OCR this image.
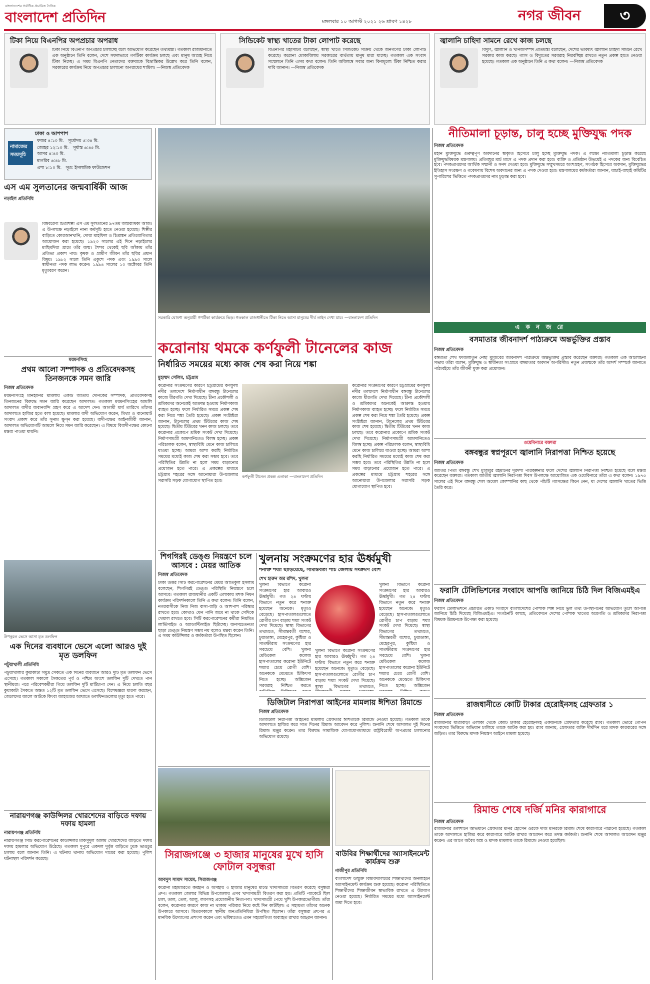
বাংলাদেশের সর্বাধিক প্রচারিত দৈনিক
বাংলাদেশ প্রতিদিন	মঙ্গলবার ১০ আগস্ট ২০২১ ২৬ শ্রাবণ ১৪২৮	নগর জীবন	৩
টিকা নিয়ে বিএনপির অপপ্রচার অপরাধ
টিকা নিয়ে বিএনপি অপপ্রচার চালাচ্ছে বলে অভিযোগ করেছেন তথ্যমন্ত্রী। গতকাল রাজধানীতে এক অনুষ্ঠানে তিনি বলেন, দেশে সফলভাবে গণটিকা কার্যক্রম চলছে এবং মানুষ আগ্রহ নিয়ে টিকা নিচ্ছে। এ সময় বিএনপি নেতাদের বক্তব্যকে বিভ্রান্তিকর উল্লেখ করে তিনি বলেন, সরকারের কার্যক্রম নিয়ে অপপ্রচার চালানো অপরাধের শামিল। —নিজস্ব প্রতিবেদক
সিন্ডিকেট স্বাস্থ্য খাতের টাকা লোপাট করেছে
বিএনপির মহাসচিব বলেছেন, স্বাস্থ্য খাতে সিন্ডিকেট সক্রিয় থেকে জনগণের টাকা লোপাট করেছে। করোনা মোকাবিলায় সরকারের ব্যর্থতায় মানুষ মারা যাচ্ছে। গতকাল এক সংবাদ সম্মেলনে তিনি এসব কথা বলেন। তিনি অবিলম্বে সবার জন্য বিনামূল্যে টিকা নিশ্চিত করার দাবি জানান। —নিজস্ব প্রতিবেদক
জ্বালানি চাহিদা সামনে রেখে কাজ চলছে
বিদ্যুৎ, জ্বালানি ও খনিজসম্পদ প্রতিমন্ত্রী বলেছেন, দেশের ভবিষ্যৎ জ্বালানি চাহিদা সামনে রেখে সরকার কাজ করছে। গ্যাস ও বিদ্যুতের সরবরাহ নিরবচ্ছিন্ন রাখতে নতুন প্রকল্প হাতে নেওয়া হয়েছে। গতকাল এক অনুষ্ঠানে তিনি এ কথা বলেন। —নিজস্ব প্রতিবেদক
ঢাকা ও আশপাশ
নামাজের
সময়সূচি
ফজর ৪:১০ মি. সূর্যোদয় ৫:৩৪ মি.
জোহর ১২:১০ মি. সূর্যাস্ত ৬:৪৫ মি.
আসর ৪:৪০ মি.
মাগরিব ৬:৪৮ মি.
এশা ৮:১০ মি. সূত্র: ইসলামিক ফাউন্ডেশন
এস এম সুলতানের জন্মবার্ষিকী আজ
নড়াইল প্রতিনিধি
বিশ্ববরেণ্য চিত্রশিল্পী এস এম সুলতানের ৯৭তম জন্মবার্ষিকী আজ। এ উপলক্ষে নড়াইলে নানা কর্মসূচি হাতে নেওয়া হয়েছে। শিল্পীর বাড়িতে কোরআনখানি, দোয়া মাহফিল ও চিত্রাঙ্কন প্রতিযোগিতার আয়োজন করা হয়েছে। ১৯২৩ সালের এই দিনে নড়াইলের মাছিমদিয়া গ্রামে তাঁর জন্ম। শৈশব থেকেই ছবি আঁকায় তাঁর প্রতিভা প্রকাশ পায়। কৃষক ও গ্রামীণ জীবন তাঁর ছবির প্রধান বিষয়। ১৯৮২ সালে তিনি একুশে পদক এবং ১৯৯৩ সালে স্বাধীনতা পদক লাভ করেন। ১৯৯৪ সালের ১০ অক্টোবর তিনি মৃত্যুবরণ করেন।
ময়মনসিংহ
প্রথম আলো সম্পাদক ও প্রতিবেদকসহ তিনজনকে সমন জারি
নিজস্ব প্রতিবেদক
ময়মনসিংহে মানহানির মামলায় একটি জাতীয় দৈনিকের সম্পাদক, প্রতিবেদকসহ তিনজনের বিরুদ্ধে সমন জারি করেছেন আদালত। গতকাল ময়মনসিংহের আমলি আদালত বাদীর জবানবন্দি গ্রহণ করে এ আদেশ দেন। আগামী ধার্য তারিখে তাঁদের আদালতে হাজির হতে বলা হয়েছে। মামলার বাদী অভিযোগ করেন, মিথ্যা ও বানোয়াট সংবাদ প্রকাশ করে তাঁর সুনাম ক্ষুণ্ন করা হয়েছে। বাদীপক্ষের আইনজীবী জানান, আদালত অভিযোগটি আমলে নিয়ে সমন জারি করেছেন। এ বিষয়ে বিবাদীপক্ষের কোনো মন্তব্য পাওয়া যায়নি।
উপকূলে ভেসে আসা মৃত ডলফিন
এক দিনের ব্যবধানে ভেসে এলো আরও দুই মৃত ডলফিন
পটুয়াখালী প্রতিনিধি
পটুয়াখালীর কুয়াকাটা সমুদ্র সৈকতে এক দিনের ব্যবধানে আরও দুটি মৃত ডলফিন ভেসে এসেছে। গতকাল সকালে সৈকতের পূর্ব ও পশ্চিম অংশে ডলফিন দুটি দেখতে পান স্থানীয়রা। পরে পরিবেশকর্মীরা গিয়ে ডলফিন দুটি মাটিচাপা দেন। এ নিয়ে চলতি বছর কুয়াকাটা সৈকতে অন্তত ১২টি মৃত ডলফিন ভেসে এসেছে। বিশেষজ্ঞরা ধারণা করছেন, জেলেদের জালে আটকে কিংবা জাহাজের আঘাতে ডলফিনগুলোর মৃত্যু হতে পারে।
নারায়ণগঞ্জ কাউন্সিলর খোরশেদের বাড়িতে দফায় দফায় হামলা
নারায়ণগঞ্জ প্রতিনিধি
নারায়ণগঞ্জ সিটি করপোরেশনের কাউন্সিলর মাকসুদুল আলম খোরশেদের বাড়িতে দফায় দফায় হামলার অভিযোগ উঠেছে। গতকাল দুপুরে একদল দুর্বৃত্ত বাড়িতে ঢুকে ভাঙচুর চালায় বলে জানান তিনি। এ ঘটনায় থানায় অভিযোগ দায়ের করা হয়েছে। পুলিশ ঘটনাস্থল পরিদর্শন করেছে।
সরকারি ঘোষণা অনুযায়ী গণটিকা কার্যক্রমে ভিড়। গতকাল রাজধানীতে টিকা নিতে আসা মানুষের দীর্ঘ লাইন দেখা যায়। —বাংলাদেশ প্রতিদিন
নীতিমালা চূড়ান্ত, চালু হচ্ছে মুক্তিযুদ্ধ পদক
নিজস্ব প্রতিবেদক
মহান মুক্তিযুদ্ধে গুরুত্বপূর্ণ অবদানের স্বীকৃতি হিসেবে চালু হচ্ছে মুক্তিযুদ্ধ পদক। এ লক্ষ্যে নীতিমালা চূড়ান্ত করেছে মুক্তিযুদ্ধবিষয়ক মন্ত্রণালয়। প্রতিবছর মার্চ মাসে এ পদক প্রদান করা হবে। ব্যক্তি ও প্রতিষ্ঠান উভয়েই এ পদকের জন্য বিবেচিত হবে। পদকপ্রাপ্তদের আর্থিক সম্মানী ও সনদ দেওয়া হবে। মুক্তিযুদ্ধে সম্মুখসমরে অংশগ্রহণ, সংগঠক হিসেবে অবদান, মুক্তিযুদ্ধের ইতিহাস সংরক্ষণ ও গবেষণায় বিশেষ অবদানের জন্য এ পদক দেওয়া হবে। মন্ত্রণালয়ের কর্মকর্তারা জানান, যাচাই-বাছাই কমিটির সুপারিশের ভিত্তিতে পদকপ্রাপ্তদের নাম চূড়ান্ত করা হবে।
এ ক ন জ রে
বসমাতার জীবনাদর্শ পাঠ্যক্রমে অন্তর্ভুক্তির প্রস্তাব
নিজস্ব প্রতিবেদক
বঙ্গমাতা শেখ ফজিলাতুন নেছা মুজিবের জীবনাদর্শ পাঠ্যক্রমে অন্তর্ভুক্তির প্রস্তাব করেছেন বক্তারা। গতকাল এক আলোচনা সভায় তাঁরা বলেন, মুক্তিযুদ্ধ ও স্বাধীনতা সংগ্রামে বঙ্গমাতার অবদান অপরিসীম। নতুন প্রজন্মকে তাঁর আদর্শ সম্পর্কে জানাতে পাঠ্যবইয়ে তাঁর জীবনী যুক্ত করা প্রয়োজন।
ওয়েবিনারে বক্তারা
বঙ্গবন্ধুর স্বপ্নপূরণে জ্বালানি নিরাপত্তা নিশ্চিত হয়েছে
নিজস্ব প্রতিবেদক
জাতির পিতা বঙ্গবন্ধু শেখ মুজিবুর রহমানের দূরদর্শী পরিকল্পনার ফলে দেশের জ্বালানি নিরাপত্তা নিশ্চিত হয়েছে বলে মন্তব্য করেছেন বক্তারা। গতকাল জাতীয় জ্বালানি নিরাপত্তা দিবস উপলক্ষে আয়োজিত এক ওয়েবিনারে তাঁরা এ কথা বলেন। ১৯৭৫ সালের এই দিনে বঙ্গবন্ধু শেল অয়েল কোম্পানির কাছ থেকে পাঁচটি গ্যাসক্ষেত্র কিনে নেন, যা দেশের জ্বালানি খাতের ভিত্তি তৈরি করে।
ফরাসি টেলিভিশনের সংবাদে আপত্তি জানিয়ে চিঠি দিল বিজিএমইএ
নিজস্ব প্রতিবেদক
ফরাসি টেলিভিশনে প্রচারিত একটি সংবাদে বাংলাদেশের পোশাক শিল্প নিয়ে ভুল তথ্য উপস্থাপনের অভিযোগ তুলে আপত্তি জানিয়ে চিঠি দিয়েছে বিজিএমইএ। সংগঠনটি বলছে, প্রতিবেদনে দেশের পোশাক খাতের অগ্রগতি ও শ্রমিকদের নিরাপত্তা বিষয়ক উন্নয়নকে উপেক্ষা করা হয়েছে।
রাজধানীতে কোটি টাকার হেরোইনসহ গ্রেফতার ১
নিজস্ব প্রতিবেদক
রাজধানীর যাত্রাবাড়ী এলাকা থেকে কোটি টাকার হেরোইনসহ একজনকে গ্রেফতার করেছে র‌্যাব। গতকাল ভোরে গোপন সংবাদের ভিত্তিতে অভিযান চালিয়ে তাকে আটক করা হয়। র‌্যাব জানায়, গ্রেফতার ব্যক্তি দীর্ঘদিন ধরে মাদক কারবারের সঙ্গে জড়িত। তার বিরুদ্ধে মাদক নিয়ন্ত্রণ আইনে মামলা হয়েছে।
রিমান্ড শেষে দর্জি মনির কারাগারে
নিজস্ব প্রতিবেদক
রাজধানীর গুলশানে অভিযানে গ্রেফতার মনির হোসেন ওরফে দর্জি মনিরকে রিমান্ড শেষে কারাগারে পাঠানো হয়েছে। গতকাল তাকে আদালতে হাজির করে কারাগারে আটক রাখার আবেদন করে তদন্ত কর্মকর্তা। শুনানি শেষে আদালত আবেদন মঞ্জুর করেন। এর আগে অবৈধ অস্ত্র ও মাদক মামলায় তাকে রিমান্ডে নেওয়া হয়েছিল।
করোনায় থমকে কর্ণফুলী টানেলের কাজ
নির্ধারিত সময়ের মধ্যে কাজ শেষ করা নিয়ে শঙ্কা
মুহাম্মদ সেলিম, চট্টগ্রাম
করোনার সংক্রমণের কারণে চট্টগ্রামের কর্ণফুলী নদীর তলদেশে নির্মাণাধীন বঙ্গবন্ধু টানেলের কাজে ধীরগতি দেখা দিয়েছে। চীনা প্রকৌশলী ও শ্রমিকদের অনেকেই আক্রান্ত হওয়ায় নির্মাণকাজ ব্যাহত হচ্ছে। ফলে নির্ধারিত সময়ে প্রকল্প শেষ করা নিয়ে শঙ্কা তৈরি হয়েছে। প্রকল্প সংশ্লিষ্টরা জানান, টানেলের প্রথম টিউবের কাজ শেষ হয়েছে। দ্বিতীয় টিউবের খনন কাজ চলছে। তবে করোনার প্রকোপে শ্রমিক সংকট দেখা দিয়েছে। নির্মাণসামগ্রী আমদানিতেও বিলম্ব হচ্ছে। প্রকল্প পরিচালক বলেন, স্বাস্থ্যবিধি মেনে কাজ চালিয়ে যাওয়া হচ্ছে। আমরা আশা করছি নির্ধারিত সময়ের মধ্যেই কাজ শেষ করা সম্ভব হবে। তবে পরিস্থিতির উন্নতি না হলে সময় বাড়ানোর প্রয়োজন হতে পারে। এ প্রকল্পের মাধ্যমে চট্টগ্রাম শহরের সঙ্গে আনোয়ারা উপজেলার সরাসরি সড়ক যোগাযোগ স্থাপিত হবে।
কর্ণফুলী টানেল প্রকল্প এলাকা —বাংলাদেশ প্রতিদিন
করোনার সংক্রমণের কারণে চট্টগ্রামের কর্ণফুলী নদীর তলদেশে নির্মাণাধীন বঙ্গবন্ধু টানেলের কাজে ধীরগতি দেখা দিয়েছে। চীনা প্রকৌশলী ও শ্রমিকদের অনেকেই আক্রান্ত হওয়ায় নির্মাণকাজ ব্যাহত হচ্ছে। ফলে নির্ধারিত সময়ে প্রকল্প শেষ করা নিয়ে শঙ্কা তৈরি হয়েছে। প্রকল্প সংশ্লিষ্টরা জানান, টানেলের প্রথম টিউবের কাজ শেষ হয়েছে। দ্বিতীয় টিউবের খনন কাজ চলছে। তবে করোনার প্রকোপে শ্রমিক সংকট দেখা দিয়েছে। নির্মাণসামগ্রী আমদানিতেও বিলম্ব হচ্ছে। প্রকল্প পরিচালক বলেন, স্বাস্থ্যবিধি মেনে কাজ চালিয়ে যাওয়া হচ্ছে। আমরা আশা করছি নির্ধারিত সময়ের মধ্যেই কাজ শেষ করা সম্ভব হবে। তবে পরিস্থিতির উন্নতি না হলে সময় বাড়ানোর প্রয়োজন হতে পারে। এ প্রকল্পের মাধ্যমে চট্টগ্রাম শহরের সঙ্গে আনোয়ারা উপজেলার সরাসরি সড়ক যোগাযোগ স্থাপিত হবে।
শিগগিরই ডেঙ্গু নিয়ন্ত্রণে চলে আসবে : মেয়র আতিক
নিজস্ব প্রতিবেদক
ঢাকা উত্তর সিটি করপোরেশনের মেয়র আতিকুল ইসলাম বলেছেন, শিগগিরই ডেঙ্গু পরিস্থিতি নিয়ন্ত্রণে চলে আসবে। গতকাল রাজধানীর একটি এলাকায় মশক নিধন কার্যক্রম পরিদর্শনকালে তিনি এ কথা বলেন। তিনি বলেন, নগরবাসীকে নিজ নিজ বাসা-বাড়ি ও আশপাশ পরিষ্কার রাখতে হবে। কোথাও যেন পানি জমে না থাকে সেদিকে খেয়াল রাখতে হবে। সিটি করপোরেশনের কর্মীরা নিয়মিত লার্ভিসাইড ও অ্যাডাল্টিসাইড ছিটাচ্ছে। জনসচেতনতা ছাড়া ডেঙ্গু নিয়ন্ত্রণ সম্ভব নয় বলেও মন্তব্য করেন তিনি। এ সময় কাউন্সিলর ও কর্মকর্তারা উপস্থিত ছিলেন।
খুলনায় সংক্রমণের হার ঊর্ধ্বমুখী
শনাক্ত শয্যা ছাড়িয়েছে, সীমান্তবর্তী পাঁচ জেলায় সংক্রমণ বেশি
শেখ হারুন অর রশিদ, খুলনা
খুলনা বিভাগে করোনা সংক্রমণের হার আবারও ঊর্ধ্বমুখী। গত ২৪ ঘণ্টায় বিভাগে নতুন করে শনাক্ত হয়েছেন অনেকে। মৃত্যুও বেড়েছে। হাসপাতালগুলোতে রোগীর চাপ বাড়ায় শয্যা সংকট দেখা দিয়েছে। স্বাস্থ্য বিভাগের তথ্যমতে, সীমান্তবর্তী যশোর, চুয়াডাঙ্গা, মেহেরপুর, কুষ্টিয়া ও সাতক্ষীরায় সংক্রমণের হার সবচেয়ে বেশি। খুলনা মেডিকেল কলেজ হাসপাতালের করোনা ইউনিটে শয্যার চেয়ে রোগী বেশি। অনেককে মেঝেতে চিকিৎসা নিতে হচ্ছে। অক্সিজেন সরবরাহ নিশ্চিত করতে
খুলনা বিভাগে করোনা সংক্রমণের হার আবারও ঊর্ধ্বমুখী। গত ২৪ ঘণ্টায় বিভাগে নতুন করে শনাক্ত হয়েছেন অনেকে। মৃত্যুও বেড়েছে। হাসপাতালগুলোতে রোগীর চাপ বাড়ায় শয্যা সংকট দেখা দিয়েছে। স্বাস্থ্য বিভাগের তথ্যমতে,
খুলনা বিভাগে করোনা সংক্রমণের হার আবারও ঊর্ধ্বমুখী। গত ২৪ ঘণ্টায় বিভাগে নতুন করে শনাক্ত হয়েছেন অনেকে। মৃত্যুও বেড়েছে। হাসপাতালগুলোতে রোগীর চাপ বাড়ায় শয্যা সংকট দেখা দিয়েছে। স্বাস্থ্য বিভাগের তথ্যমতে, সীমান্তবর্তী যশোর, চুয়াডাঙ্গা, মেহেরপুর, কুষ্টিয়া ও সাতক্ষীরায় সংক্রমণের হার সবচেয়ে বেশি। খুলনা মেডিকেল কলেজ হাসপাতালের করোনা ইউনিটে শয্যার চেয়ে রোগী বেশি। অনেককে মেঝেতে চিকিৎসা নিতে হচ্ছে। অক্সিজেন
ডিজিটাল নিরাপত্তা আইনের মামলায় ঈশিতা রিমান্ডে
নিজস্ব প্রতিবেদক
ডিজিটাল নিরাপত্তা আইনের মামলায় গ্রেফতার ঈশিতাকে রিমান্ডে নেওয়া হয়েছে। গতকাল তাকে আদালতে হাজির করে সাত দিনের রিমান্ড আবেদন করে পুলিশ। শুনানি শেষে আদালত দুই দিনের রিমান্ড মঞ্জুর করেন। তার বিরুদ্ধে সামাজিক যোগাযোগমাধ্যমে রাষ্ট্রবিরোধী অপপ্রচার চালানোর অভিযোগ রয়েছে।
সিরাজগঞ্জে ৩ হাজার মানুষের মুখে হাসি ফোটাল বসুন্ধরা
আবদুস সামাদ সায়েম, সিরাজগঞ্জ
করোনা মহামারিতে কর্মহীন ও অসহায় ৩ হাজার মানুষের মাঝে খাদ্যসামগ্রী বিতরণ করেছে বসুন্ধরা গ্রুপ। গতকাল জেলার বিভিন্ন উপজেলায় এসব খাদ্যসামগ্রী বিতরণ করা হয়। প্রতিটি প্যাকেটে ছিল চাল, ডাল, তেল, আলু, লবণসহ প্রয়োজনীয় নিত্যপণ্য। খাদ্যসামগ্রী পেয়ে খুশি উপকারভোগীরা। তাঁরা বলেন, করোনার কারণে কাজ না থাকায় পরিবার নিয়ে কষ্টে দিন কাটছিল। এ সহায়তা তাঁদের অনেক উপকারে আসবে। বিতরণকালে স্থানীয় জনপ্রতিনিধিরা উপস্থিত ছিলেন। তাঁরা বসুন্ধরা গ্রুপের এ মানবিক উদ্যোগের প্রশংসা করেন এবং ভবিষ্যতেও এমন সহযোগিতা অব্যাহত রাখার আহ্বান জানান।
বাউবির শিক্ষার্থীদের অ্যাসাইনমেন্ট কার্যক্রম শুরু
গাজীপুর প্রতিনিধি
বাংলাদেশ উন্মুক্ত বিশ্ববিদ্যালয়ের শিক্ষার্থীদের অনলাইনে অ্যাসাইনমেন্ট কার্যক্রম শুরু হয়েছে। করোনা পরিস্থিতিতে শিক্ষার্থীদের শিক্ষাজীবন স্বাভাবিক রাখতে এ উদ্যোগ নেওয়া হয়েছে। নির্ধারিত সময়ের মধ্যে অ্যাসাইনমেন্ট জমা দিতে হবে।
